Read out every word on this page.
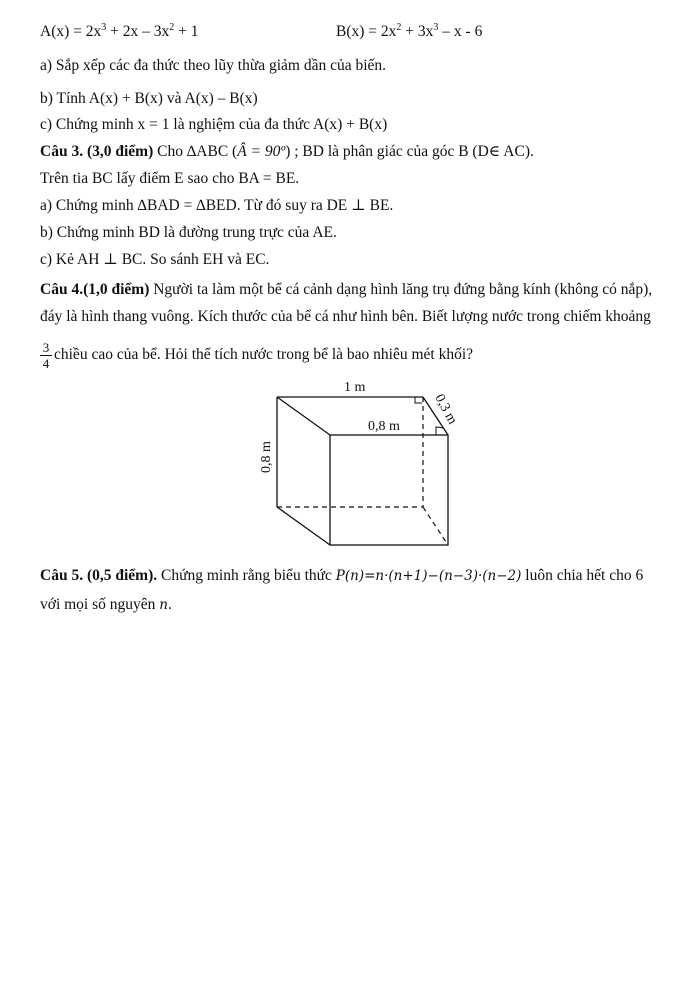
$A(x) = 2x^3 + 2x - 3x^2 + 1$	$B(x) = 2x^2 + 3x^3 - x - 6$
a) Sắp xếp các đa thức theo lũy thừa giảm dần của biến.
b) Tính A(x) + B(x) và A(x) – B(x)
c) Chứng minh x = 1 là nghiệm của đa thức A(x) + B(x)
Câu 3. (3,0 điểm) Cho ∆ABC (Â = 90º) ; BD là phân giác của góc B (D∈ AC).
Trên tia BC lấy điểm E sao cho BA = BE.
a) Chứng minh ∆BAD = ∆BED. Từ đó suy ra DE ⊥ BE.
b) Chứng minh BD là đường trung trực của AE.
c) Kẻ AH ⊥ BC. So sánh EH và EC.
Câu 4.(1,0 điểm) Người ta làm một bể cá cảnh dạng hình lăng trụ đứng bằng kính (không có nắp),
đáy là hình thang vuông. Kích thước của bể cá như hình bên. Biết lượng nước trong chiếm khoảng
$\frac{3}{4}$ chiều cao của bể. Hỏi thể tích nước trong bể là bao nhiêu mét khối?
1 m
0,8 m 0,3 m
0,8 m
Câu 5. (0,5 điểm). Chứng minh rằng biểu thức P(n)=n·(n+1)−(n−3)·(n−2) luôn chia hết cho 6
với mọi số nguyên n.
